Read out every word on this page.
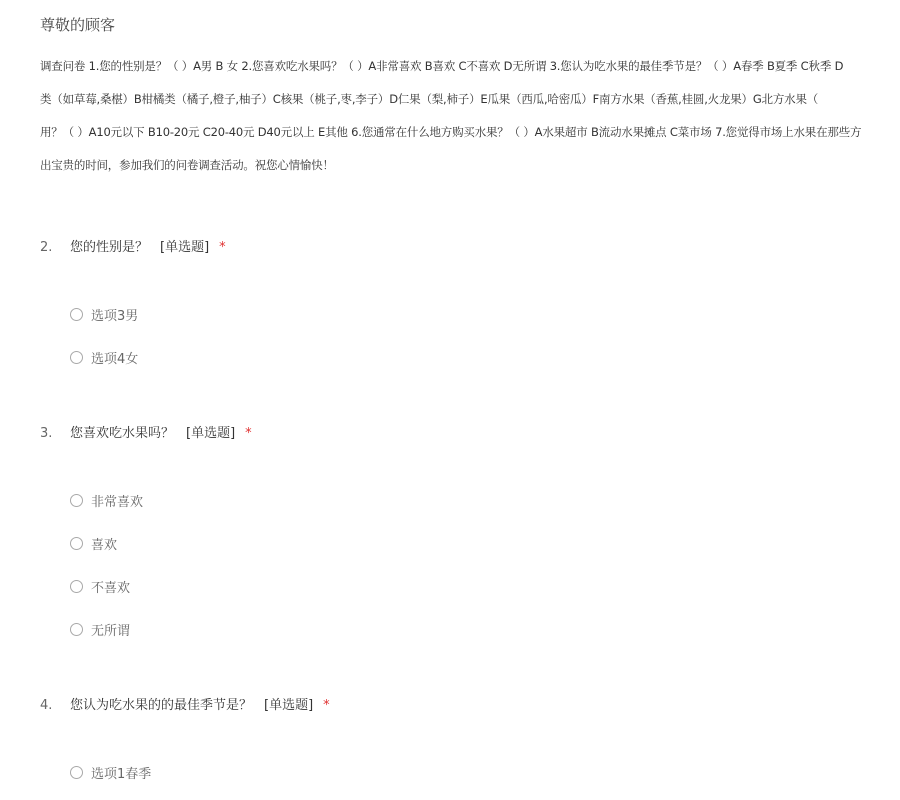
尊敬的顾客
调查问卷 1.您的性别是？（ ）A男 B 女 2.您喜欢吃水果吗？（ ）A非常喜欢 B喜欢 C不喜欢 D无所谓 3.您认为吃水果的最佳季节是？（ ）A春季 B夏季 C秋季 D
类（如草莓,桑椹）B柑橘类（橘子,橙子,柚子）C核果（桃子,枣,李子）D仁果（梨,柿子）E瓜果（西瓜,哈密瓜）F南方水果（香蕉,桂圆,火龙果）G北方水果（
用？（ ）A10元以下 B10-20元 C20-40元 D40元以上 E其他 6.您通常在什么地方购买水果？（ ）A水果超市 B流动水果摊点 C菜市场 7.您觉得市场上水果在那些方
出宝贵的时间，参加我们的问卷调查活动。祝您心情愉快！
2. 您的性别是？ [单选题] *
选项3男
选项4女
3. 您喜欢吃水果吗？ [单选题] *
非常喜欢
喜欢
不喜欢
无所谓
4. 您认为吃水果的的最佳季节是？ [单选题] *
选项1春季
